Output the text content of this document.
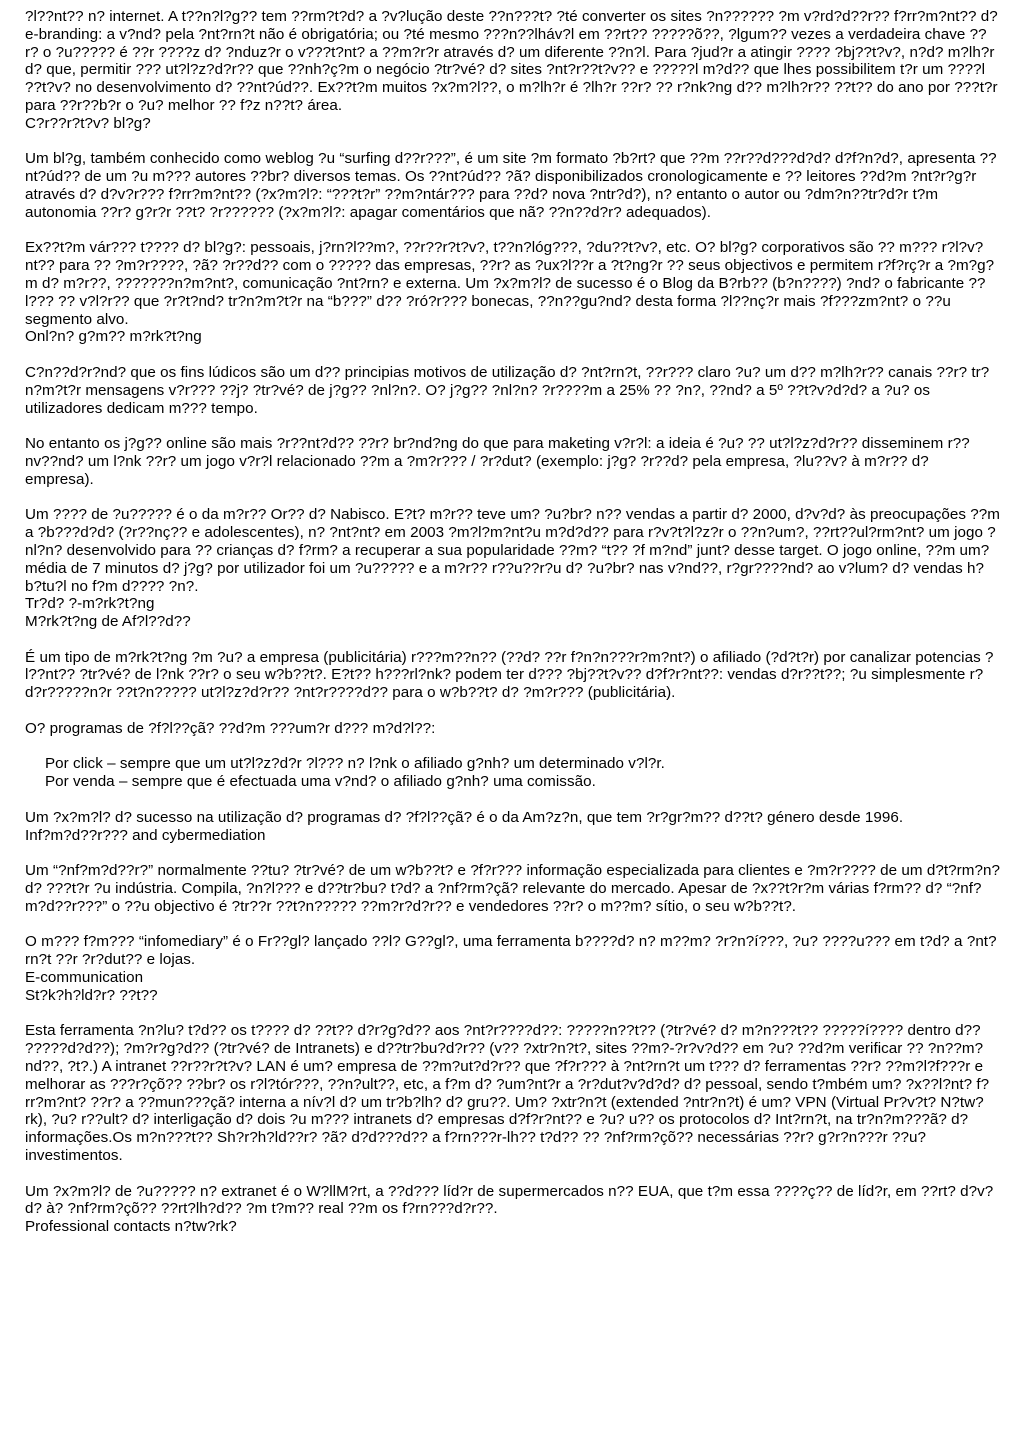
?l??nt?? n? internet. A t??n?l?g?? tem ??rm?t?d? a ?v?lução deste ??n???t? ?té converter os sites ?n?????? ?m v?rd?d??r?? f?rr?m?nt?? d? e-branding: a v?nd? pela ?nt?rn?t não é obrigatória; ou ?té mesmo ???n??lháv?l em ??rt?? ?????õ??, ?lgum?? vezes a verdadeira chave ??r? o ?u????? é ??r ????z d? ?nduz?r o v???t?nt? a ??m?r?r através d? um diferente ??n?l. Para ?jud?r a atingir ???? ?bj??t?v?, n?d? m?lh?r d? que, permitir ??? ut?l?z?d?r?? que ??nh?ç?m o negócio ?tr?vé? d? sites ?nt?r??t?v?? e ?????l m?d?? que lhes possibilitem t?r um ????l ??t?v? no desenvolvimento d? ??nt?úd??. Ex??t?m muitos ?x?m?l??, o m?lh?r é ?lh?r ??r? ?? r?nk?ng d?? m?lh?r?? ??t?? do ano por ???t?r para ??r??b?r o ?u? melhor ?? f?z n??t? área.

C?r??r?t?v? bl?g?

Um bl?g, também conhecido como weblog ?u “surfing d??r???”, é um site ?m formato ?b?rt? que ??m ??r??d???d?d? d?f?n?d?, apresenta ??nt?úd?? de um ?u m??? autores ??br? diversos temas. Os ??nt?úd?? ?ã? disponibilizados cronologicamente e ?? leitores ??d?m ?nt?r?g?r através d? d?v?r??? f?rr?m?nt?? (?x?m?l?: “???t?r” ??m?ntár??? para ??d? nova ?ntr?d?), n? entanto o autor ou ?dm?n??tr?d?r t?m autonomia ??r? g?r?r ??t? ?r?????? (?x?m?l?: apagar comentários que nã? ??n??d?r? adequados).

Ex??t?m vár??? t???? d? bl?g?: pessoais, j?rn?l??m?, ??r??r?t?v?, t??n?lóg???, ?du??t?v?, etc. O? bl?g? corporativos são ?? m??? r?l?v?nt?? para ?? ?m?r????, ?ã? ?r??d?? com o ????? das empresas, ??r? as ?ux?l??r a ?t?ng?r ?? seus objectivos e permitem r?f?rç?r a ?m?g?m d? m?r??, ???????n?m?nt?, comunicação ?nt?rn? e externa. Um ?x?m?l? de sucesso é o Blog da B?rb?? (b?n????) ?nd? o fabricante ??l??? ?? v?l?r?? que ?r?t?nd? tr?n?m?t?r na “b???” d?? ?ró?r??? bonecas, ??n??gu?nd? desta forma ?l??nç?r mais ?f???zm?nt? o ??u segmento alvo.

Onl?n? g?m?? m?rk?t?ng

C?n??d?r?nd? que os fins lúdicos são um d?? principias motivos de utilização d? ?nt?rn?t, ??r??? claro ?u? um d?? m?lh?r?? canais ??r? tr?n?m?t?r mensagens v?r??? ??j? ?tr?vé? de j?g?? ?nl?n?. O? j?g?? ?nl?n? ?r????m a 25% ?? ?n?, ??nd? a 5º ??t?v?d?d? a ?u? os utilizadores dedicam m??? tempo.

No entanto os j?g?? online são mais ?r??nt?d?? ??r? br?nd?ng do que para maketing v?r?l: a ideia é ?u? ?? ut?l?z?d?r?? disseminem r??nv??nd? um l?nk ??r? um jogo v?r?l relacionado ??m a ?m?r??? / ?r?dut? (exemplo: j?g? ?r??d? pela empresa, ?lu??v? à m?r?? d? empresa).

Um ???? de ?u????? é o da m?r?? Or?? d? Nabisco. E?t? m?r?? teve um? ?u?br? n?? vendas a partir d? 2000, d?v?d? às preocupações ??m a ?b???d?d? (?r??nç?? e adolescentes), n? ?nt?nt? em 2003 ?m?l?m?nt?u m?d?d?? para r?v?t?l?z?r o ??n?um?, ??rt??ul?rm?nt? um jogo ?nl?n? desenvolvido para ?? crianças d? f?rm? a recuperar a sua popularidade ??m? “t?? ?f m?nd” junt? desse target. O jogo online, ??m um? média de 7 minutos d? j?g? por utilizador foi um ?u????? e a m?r?? r??u??r?u d? ?u?br? nas v?nd??, r?gr????nd? ao v?lum? d? vendas h?b?tu?l no f?m d???? ?n?.

Tr?d? ?-m?rk?t?ng

M?rk?t?ng de Af?l??d??

É um tipo de m?rk?t?ng ?m ?u? a empresa (publicitária) r???m??n?? (??d? ??r f?n?n???r?m?nt?) o afiliado (?d?t?r) por canalizar potencias ?l??nt?? ?tr?vé? de l?nk ??r? o seu w?b??t?. E?t?? h???rl?nk? podem ter d??? ?bj??t?v?? d?f?r?nt??: vendas d?r??t??; ?u simplesmente r?d?r?????n?r ??t?n????? ut?l?z?d?r?? ?nt?r????d?? para o w?b??t? d? ?m?r??? (publicitária).

O? programas de ?f?l??çã? ??d?m ???um?r d??? m?d?l??:

Por click – sempre que um ut?l?z?d?r ?l??? n? l?nk o afiliado g?nh? um determinado v?l?r.
Por venda – sempre que é efectuada uma v?nd? o afiliado g?nh? uma comissão.

Um ?x?m?l? d? sucesso na utilização d? programas d? ?f?l??çã? é o da Am?z?n, que tem ?r?gr?m?? d??t? género desde 1996.

Inf?m?d??r??? and cybermediation

Um “?nf?m?d??r?” normalmente ??tu? ?tr?vé? de um w?b??t? e ?f?r??? informação especializada para clientes e ?m?r???? de um d?t?rm?n?d? ???t?r ?u indústria. Compila, ?n?l??? e d??tr?bu? t?d? a ?nf?rm?çã? relevante do mercado. Apesar de ?x??t?r?m várias f?rm?? d? “?nf?m?d??r???” o ??u objectivo é ?tr??r ??t?n????? ??m?r?d?r?? e vendedores ??r? o m??m? sítio, o seu w?b??t?.

O m??? f?m??? “infomediary” é o Fr??gl? lançado ??l? G??gl?, uma ferramenta b????d? n? m??m? ?r?n?í???, ?u? ????u??? em t?d? a ?nt?rn?t ??r ?r?dut?? e lojas.

E-communication

St?k?h?ld?r? ??t??

Esta ferramenta ?n?lu? t?d?? os t???? d? ??t?? d?r?g?d?? aos ?nt?r????d??: ?????n??t?? (?tr?vé? d? m?n???t?? ?????í???? dentro d?? ?????d?d??); ?m?r?g?d?? (?tr?vé? de Intranets) e d??tr?bu?d?r?? (v?? ?xtr?n?t?, sites ??m?-?r?v?d?? em ?u? ??d?m verificar ?? ?n??m?nd??, ?t?.) A intranet ??r??r?t?v? LAN é um? empresa de ??m?ut?d?r?? que ?f?r??? à ?nt?rn?t um t??? d? ferramentas ??r? ??m?l?f???r e melhorar as ???r?çõ?? ??br? os r?l?tór???, ??n?ult??, etc, a f?m d? ?um?nt?r a ?r?dut?v?d?d? d? pessoal, sendo t?mbém um? ?x??l?nt? f?rr?m?nt? ??r? a ??mun???çã? interna a nív?l d? um tr?b?lh? d? gru??. Um? ?xtr?n?t (extended ?ntr?n?t) é um? VPN (Virtual Pr?v?t? N?tw?rk), ?u? r??ult? d? interligação d? dois ?u m??? intranets d? empresas d?f?r?nt?? e ?u? u?? os protocolos d? Int?rn?t, na tr?n?m???ã? d? informações.Os m?n???t?? Sh?r?h?ld??r? ?ã? d?d???d?? a f?rn???r-lh?? t?d?? ?? ?nf?rm?çõ?? necessárias ??r? g?r?n???r ??u? investimentos.

Um ?x?m?l? de ?u????? n? extranet é o W?llM?rt, a ??d??? líd?r de supermercados n?? EUA, que t?m essa ????ç?? de líd?r, em ??rt? d?v?d? à? ?nf?rm?çõ?? ??rt?lh?d?? ?m t?m?? real ??m os f?rn???d?r??.

Professional contacts n?tw?rk?
